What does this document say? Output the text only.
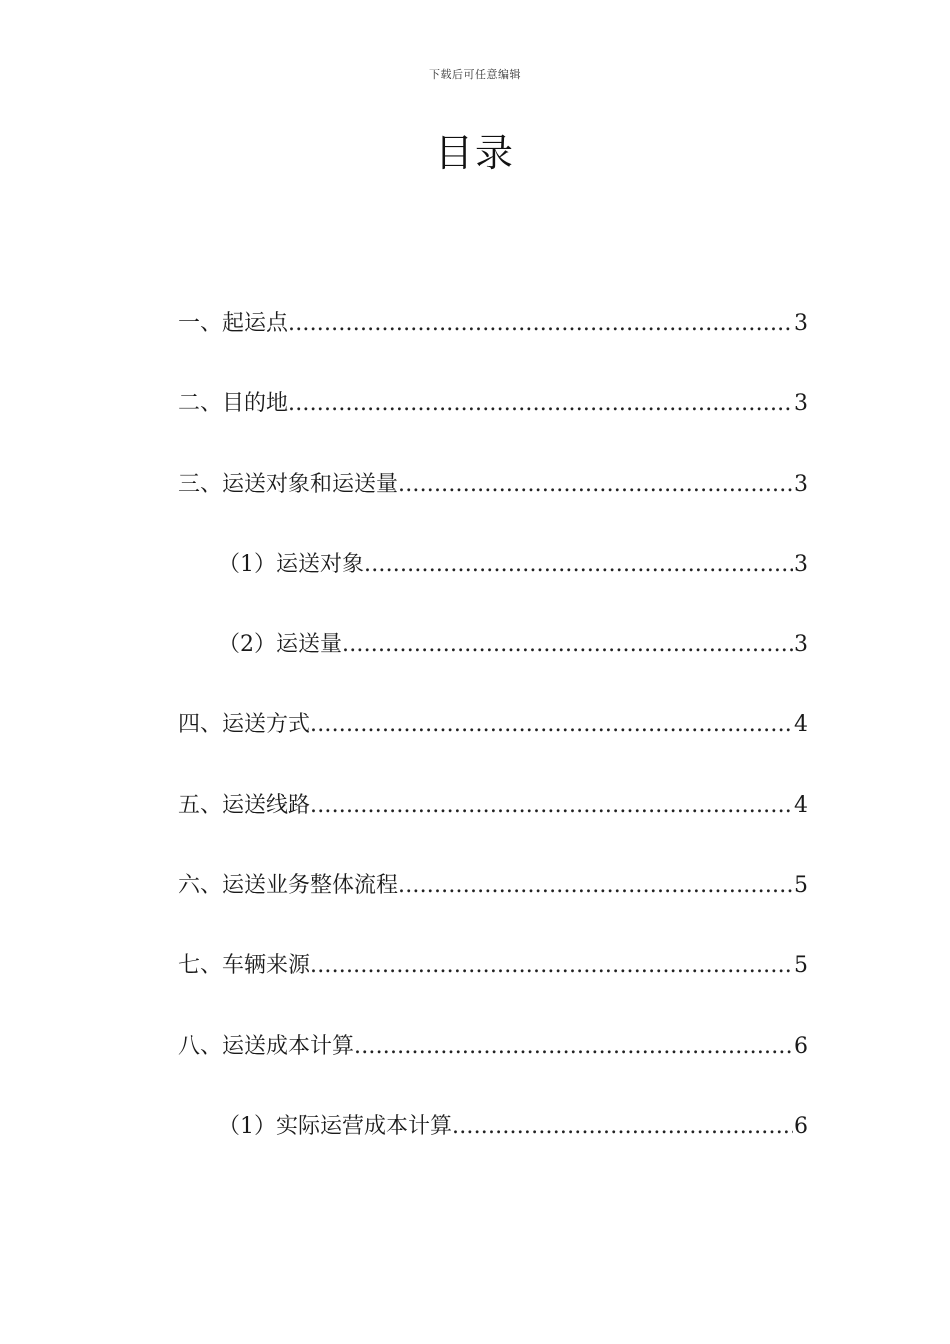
下载后可任意编辑
目录
一、起运点 .....	3
二、目的地 .....	3
三、运送对象和运送量 .....	3
（1）运送对象 .....	3
（2）运送量 .....	3
四、运送方式 .....	4
五、运送线路 .....	4
六、运送业务整体流程 .....	5
七、车辆来源 .....	5
八、运送成本计算 .....	6
（1）实际运营成本计算 .....	6
